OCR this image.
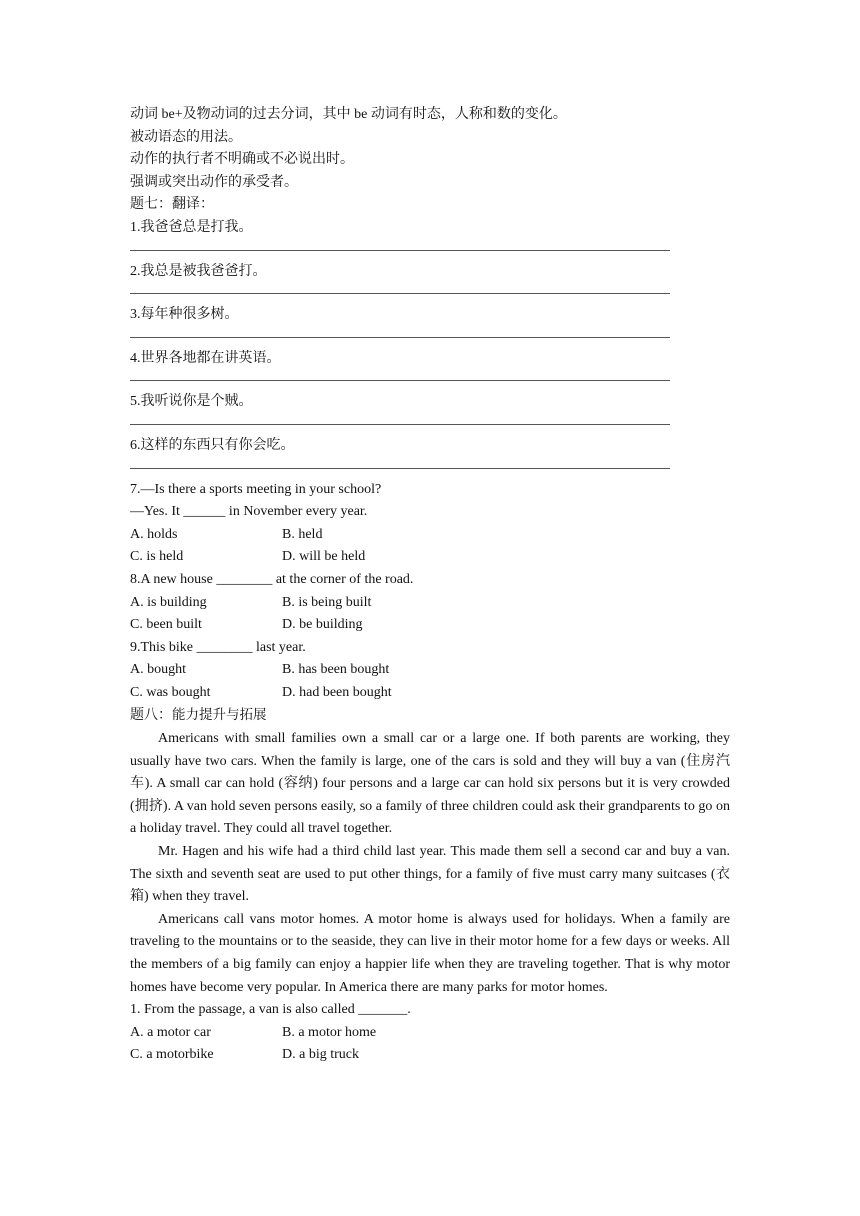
动词 be+及物动词的过去分词，其中 be 动词有时态，人称和数的变化。
被动语态的用法。
动作的执行者不明确或不必说出时。
强调或突出动作的承受者。
题七：翻译：
1.我爸爸总是打我。
2.我总是被我爸爸打。
3.每年种很多树。
4.世界各地都在讲英语。
5.我听说你是个贼。
6.这样的东西只有你会吃。
7.—Is there a sports meeting in your school?
—Yes. It ______ in November every year.
A. holds	B. held
C. is held	D. will be held
8.A new house ________ at the corner of the road.
A. is building	B. is being built
C. been built	D. be building
9.This bike ________ last year.
A. bought	B. has been bought
C. was bought	D. had been bought
题八：能力提升与拓展
Americans with small families own a small car or a large one. If both parents are working, they usually have two cars. When the family is large, one of the cars is sold and they will buy a van (住房汽车). A small car can hold (容纳) four persons and a large car can hold six persons but it is very crowded (拥挤). A van hold seven persons easily, so a family of three children could ask their grandparents to go on a holiday travel. They could all travel together.
Mr. Hagen and his wife had a third child last year. This made them sell a second car and buy a van. The sixth and seventh seat are used to put other things, for a family of five must carry many suitcases (衣箱) when they travel.
Americans call vans motor homes. A motor home is always used for holidays. When a family are traveling to the mountains or to the seaside, they can live in their motor home for a few days or weeks. All the members of a big family can enjoy a happier life when they are traveling together. That is why motor homes have become very popular. In America there are many parks for motor homes.
1. From the passage, a van is also called _______.
A. a motor car	B. a motor home
C. a motorbike	D. a big truck
